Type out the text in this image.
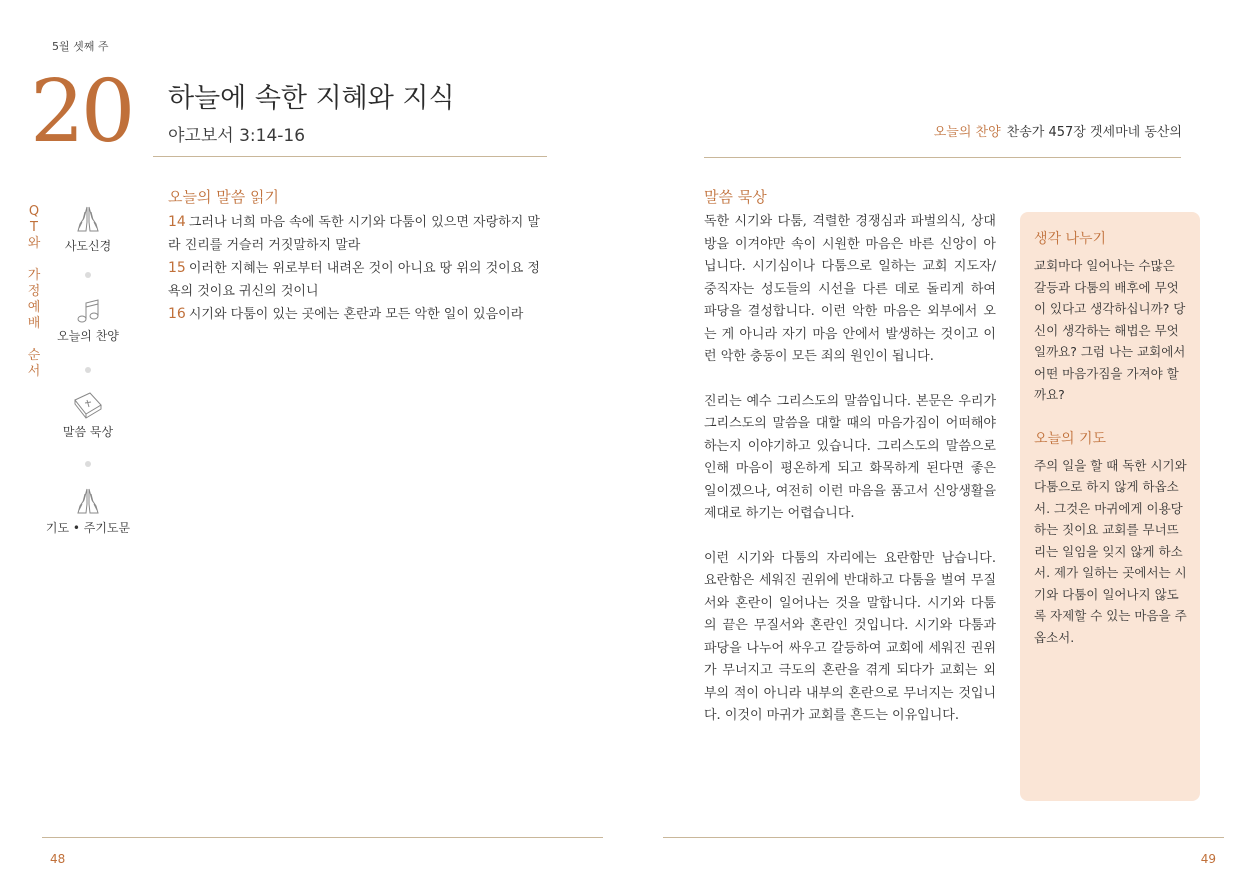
5월 셋째 주
20 하늘에 속한 지혜와 지식
야고보서 3:14-16	오늘의 찬양 찬송가 457장 겟세마네 동산의
Q
T
와

가
정
예
배

순
서
사도신경
오늘의 찬양
말씀 묵상
기도 • 주기도문
오늘의 말씀 읽기
14 그러나 너희 마음 속에 독한 시기와 다툼이 있으면 자랑하지 말라 진리를 거슬러 거짓말하지 말라
15 이러한 지혜는 위로부터 내려온 것이 아니요 땅 위의 것이요 정욕의 것이요 귀신의 것이니
16 시기와 다툼이 있는 곳에는 혼란과 모든 악한 일이 있음이라
말씀 묵상

독한 시기와 다툼, 격렬한 경쟁심과 파벌의식, 상대방을 이겨야만 속이 시원한 마음은 바른 신앙이 아닙니다. 시기심이나 다툼으로 일하는 교회 지도자/중직자는 성도들의 시선을 다른 데로 돌리게 하여 파당을 결성합니다. 이런 악한 마음은 외부에서 오는 게 아니라 자기 마음 안에서 발생하는 것이고 이런 악한 충동이 모든 죄의 원인이 됩니다.

진리는 예수 그리스도의 말씀입니다. 본문은 우리가 그리스도의 말씀을 대할 때의 마음가짐이 어떠해야 하는지 이야기하고 있습니다. 그리스도의 말씀으로 인해 마음이 평온하게 되고 화목하게 된다면 좋은 일이겠으나, 여전히 이런 마음을 품고서 신앙생활을 제대로 하기는 어렵습니다.

이런 시기와 다툼의 자리에는 요란함만 남습니다. 요란함은 세워진 권위에 반대하고 다툼을 벌여 무질서와 혼란이 일어나는 것을 말합니다. 시기와 다툼의 끝은 무질서와 혼란인 것입니다. 시기와 다툼과 파당을 나누어 싸우고 갈등하여 교회에 세워진 권위가 무너지고 극도의 혼란을 겪게 되다가 교회는 외부의 적이 아니라 내부의 혼란으로 무너지는 것입니다. 이것이 마귀가 교회를 흔드는 이유입니다.

생각 나누기

교회마다 일어나는 수많은 갈등과 다툼의 배후에 무엇이 있다고 생각하십니까? 당신이 생각하는 해법은 무엇일까요? 그럼 나는 교회에서 어떤 마음가짐을 가져야 할까요?

오늘의 기도

주의 일을 할 때 독한 시기와 다툼으로 하지 않게 하옵소서. 그것은 마귀에게 이용당하는 짓이요 교회를 무너뜨리는 일임을 잊지 않게 하소서. 제가 일하는 곳에서는 시기와 다툼이 일어나지 않도록 자제할 수 있는 마음을 주옵소서.

48	49
